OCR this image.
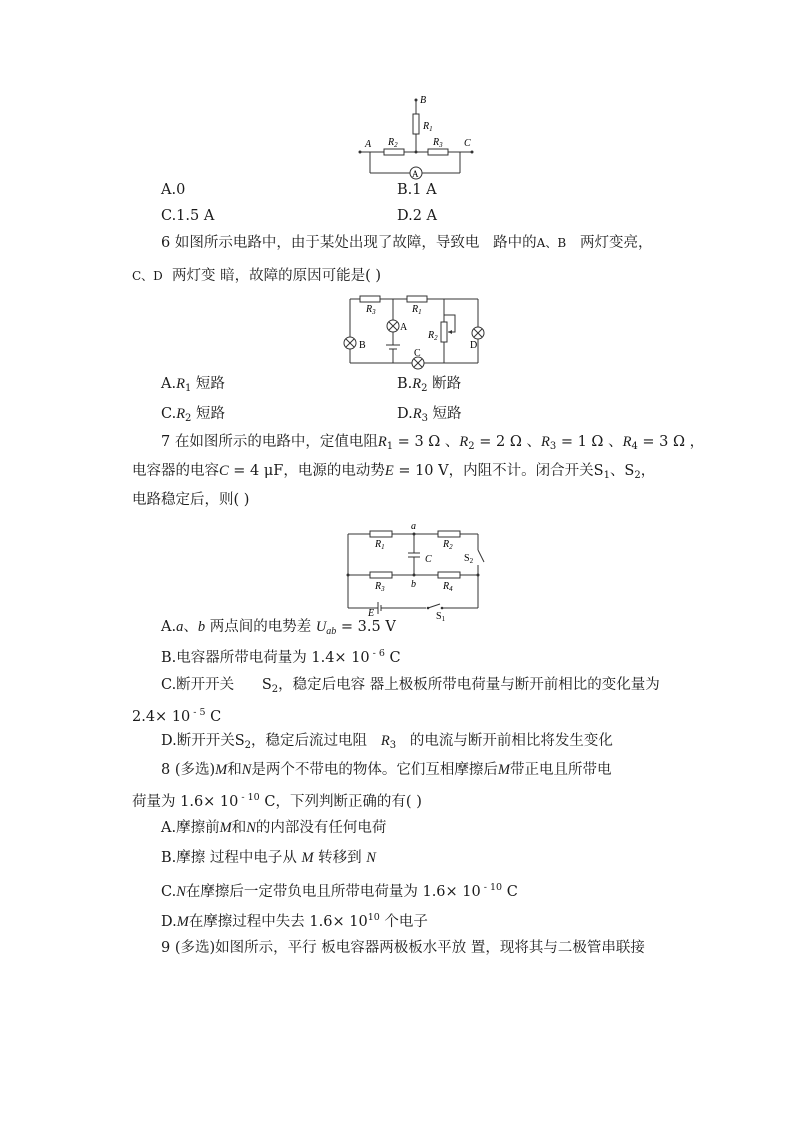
B
$R_1$
$R_2$	$R_3$
A	C
A
A.0	B.1 A
C.1.5 A	D.2 A
6 如图所示电路中，由于某处出现了故障，导致电 路中的A、B 两灯变亮，
C、D 两灯变 暗，故障的原因可能是( )
$R_3$	$R_1$
$R_2$
A
B
C
D
$A.R_1$ 短路	$B.R_2$ 断路
$C.R_2$ 短路	$D.R_3$ 短路
7 在如图所示的电路中，定值电阻$R_1 = 3$ Ω 、$R_2 = 2$ Ω 、$R_3 = 1$ Ω 、$R_4 = 3$ Ω ，
电容器的电容C = 4 μF，电源的电动势E = 10 V，内阻不计。闭合开关$S_1$、$S_2$，
电路稳定后，则( )
a
b
$R_1$	$R_2$
$R_3$	$R_4$
C
E	$S_1$
$S_2$
A.a、b 两点间的电势差 $U_{ab} = 3.5$ V
B.电容器所带电荷量为 1.4× 10 $^{- 6}$ C
C.断开开关 $S_2$，稳定后电容 器上极板所带电荷量与断开前相比的变化量为
2.4× 10 $^{- 5}$ C
D.断开开关$S_2$，稳定后流过电阻 $R_3$ 的电流与断开前相比将发生变化
8 (多选)M和N是两个不带电的物体。它们互相摩擦后M带正电且所带电
荷量为 1.6× 10 $^{- 10}$ C，下列判断正确的有( )
A.摩擦前M和N的内部没有任何电荷
B.摩擦 过程中电子从 M 转移到 N
C.N在摩擦后一定带负电且所带电荷量为 1.6× 10 $^{- 10}$ C
D.M在摩擦过程中失去 $1.6\times 10^{10}$ 个电子
9 (多选)如图所示，平行 板电容器两极板水平放 置，现将其与二极管串联接
